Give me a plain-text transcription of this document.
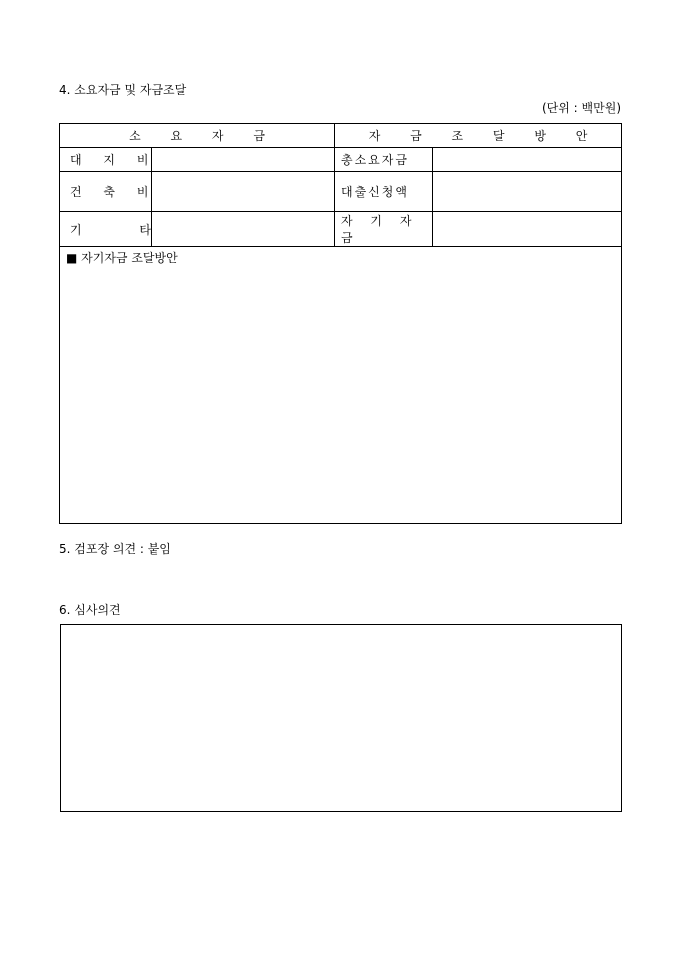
4. 소요자금 및 자금조달
(단위 : 백만원)
소 요 자 금		자 금 조 달 방 안	
대 지 비		총소요자금	
건 축 비		대출신청액	
기 타		자 기 자 금	
■ 자기자금 조달방안			
5. 검포장 의견 : 붙임
6. 심사의견
